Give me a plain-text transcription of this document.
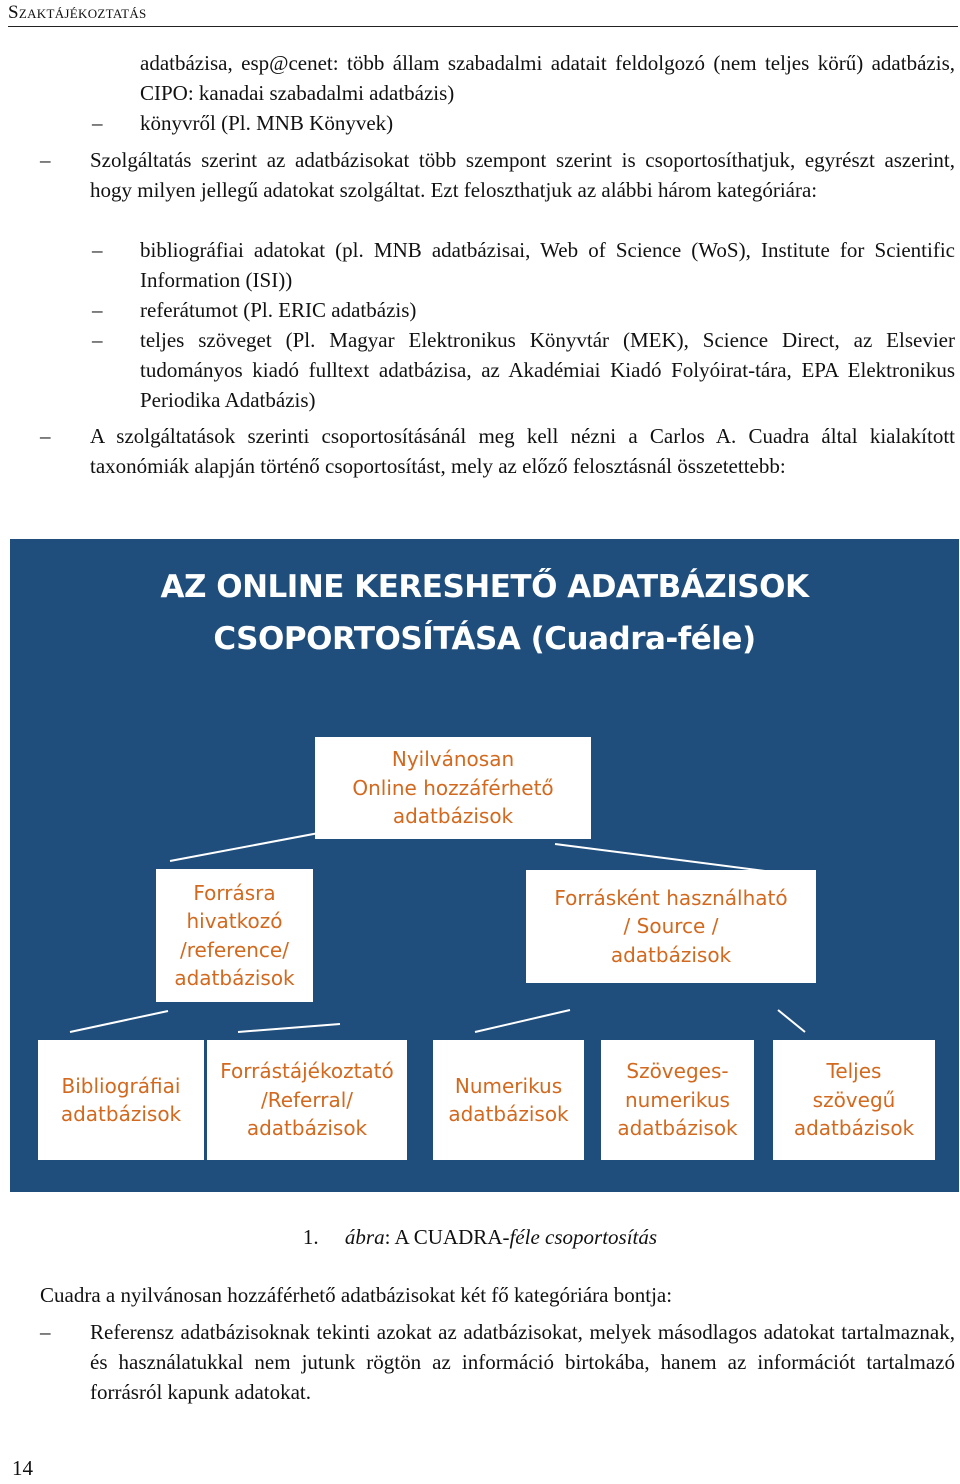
Szaktájékoztatás

adatbázisa, esp@cenet: több állam szabadalmi adatait feldolgozó (nem teljes körű) adatbázis, CIPO: kanadai szabadalmi adatbázis)

– könyvről (Pl. MNB Könyvek)

– Szolgáltatás szerint az adatbázisokat több szempont szerint is csoportosíthatjuk, egyrészt aszerint, hogy milyen jellegű adatokat szolgáltat. Ezt feloszthatjuk az alábbi három kategóriára:

– bibliográfiai adatokat (pl. MNB adatbázisai, Web of Science (WoS), Institute for Scientific Information (ISI))

– referátumot (Pl. ERIC adatbázis)

– teljes szöveget (Pl. Magyar Elektronikus Könyvtár (MEK), Science Direct, az Elsevier tudományos kiadó fulltext adatbázisa, az Akadémiai Kiadó Folyóirat-tára, EPA Elektronikus Periodika Adatbázis)

– A szolgáltatások szerinti csoportosításánál meg kell nézni a Carlos A. Cuadra által kialakított taxonómiák alapján történő csoportosítást, mely az előző felosztásnál összetettebb:

AZ ONLINE KERESHETŐ ADATBÁZISOK
CSOPORTOSÍTÁSA (Cuadra-féle)
Nyilvánosan
Online hozzáférhető
adatbázisok
Forrásra
hivatkozó
/reference/
adatbázisok
Forrásként használható
/ Source /
adatbázisok
Bibliográfiai
adatbázisok
Forrástájékoztató
/Referral/
adatbázisok
Numerikus
adatbázisok
Szöveges-
numerikus
adatbázisok
Teljes
szövegű
adatbázisok
1. ábra: A CUADRA-féle csoportosítás

Cuadra a nyilvánosan hozzáférhető adatbázisokat két fő kategóriára bontja:

– Referensz adatbázisoknak tekinti azokat az adatbázisokat, melyek másodlagos adatokat tartalmaznak, és használatukkal nem jutunk rögtön az információ birtokába, hanem az információt tartalmazó forrásról kapunk adatokat.

14
